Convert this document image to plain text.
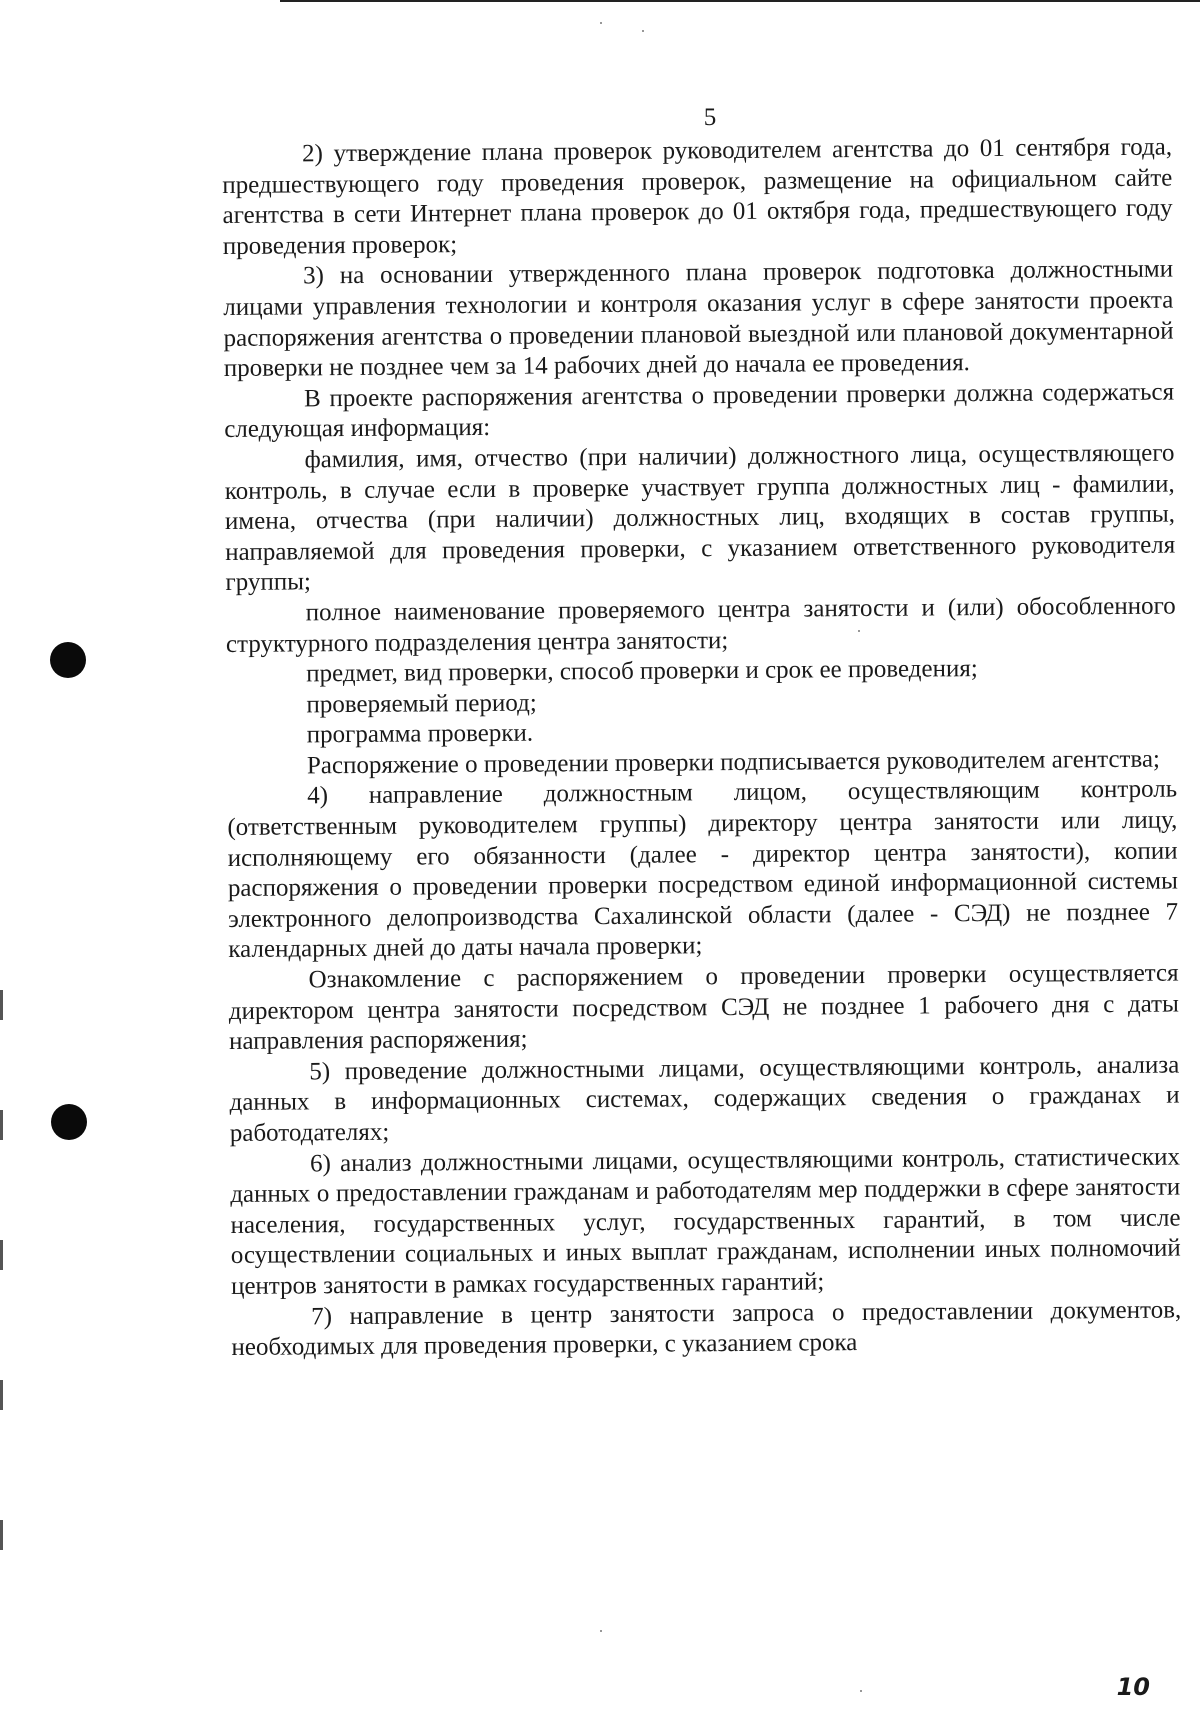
5

2) утверждение плана проверок руководителем агентства до 01 сентября года, предшествующего году проведения проверок, размещение на официальном сайте агентства в сети Интернет плана проверок до 01 октября года, предшествующего году проведения проверок;

3) на основании утвержденного плана проверок подготовка должностными лицами управления технологии и контроля оказания услуг в сфере занятости проекта распоряжения агентства о проведении плановой выездной или плановой документарной проверки не позднее чем за 14 рабочих дней до начала ее проведения.

В проекте распоряжения агентства о проведении проверки должна содержаться следующая информация:

фамилия, имя, отчество (при наличии) должностного лица, осуществляющего контроль, в случае если в проверке участвует группа должностных лиц - фамилии, имена, отчества (при наличии) должностных лиц, входящих в состав группы, направляемой для проведения проверки, с указанием ответственного руководителя группы;

полное наименование проверяемого центра занятости и (или) обособленного структурного подразделения центра занятости;

предмет, вид проверки, способ проверки и срок ее проведения;

проверяемый период;

программа проверки.

Распоряжение о проведении проверки подписывается руководителем агентства;

4) направление должностным лицом, осуществляющим контроль (ответственным руководителем группы) директору центра занятости или лицу, исполняющему его обязанности (далее - директор центра занятости), копии распоряжения о проведении проверки посредством единой информационной системы электронного делопроизводства Сахалинской области (далее - СЭД) не позднее 7 календарных дней до даты начала проверки;

Ознакомление с распоряжением о проведении проверки осуществляется директором центра занятости посредством СЭД не позднее 1 рабочего дня с даты направления распоряжения;

5) проведение должностными лицами, осуществляющими контроль, анализа данных в информационных системах, содержащих сведения о гражданах и работодателях;

6) анализ должностными лицами, осуществляющими контроль, статистических данных о предоставлении гражданам и работодателям мер поддержки в сфере занятости населения, государственных услуг, государственных гарантий, в том числе осуществлении социальных и иных выплат гражданам, исполнении иных полномочий центров занятости в рамках государственных гарантий;

7) направление в центр занятости запроса о предоставлении документов, необходимых для проведения проверки, с указанием срока

10
